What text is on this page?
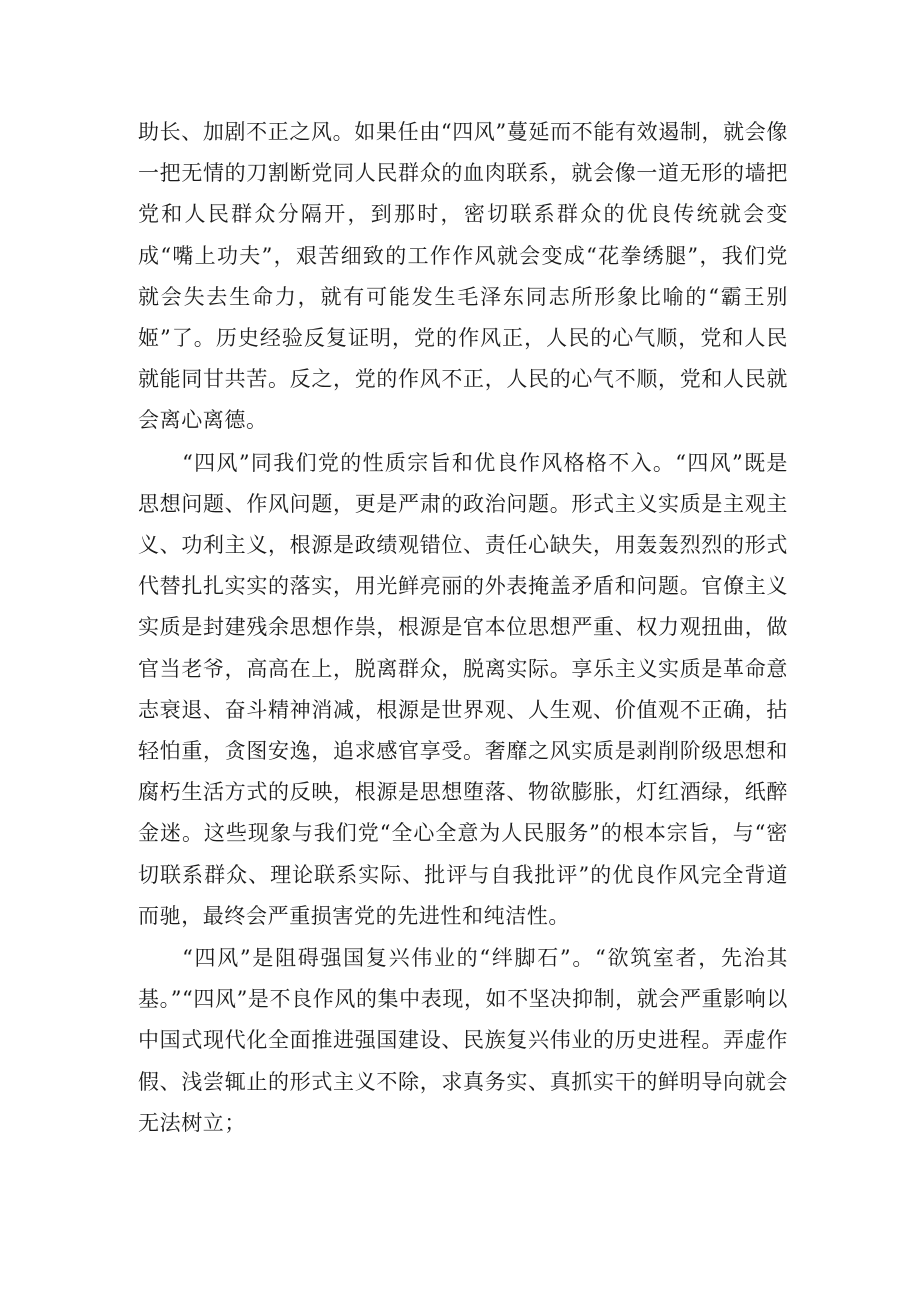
助长、加剧不正之风。如果任由“四风”蔓延而不能有效遏制，就会像一把无情的刀割断党同人民群众的血肉联系，就会像一道无形的墙把党和人民群众分隔开，到那时，密切联系群众的优良传统就会变成“嘴上功夫”，艰苦细致的工作作风就会变成“花拳绣腿”，我们党就会失去生命力，就有可能发生毛泽东同志所形象比喻的“霸王别姬”了。历史经验反复证明，党的作风正，人民的心气顺，党和人民就能同甘共苦。反之，党的作风不正，人民的心气不顺，党和人民就会离心离德。

“四风”同我们党的性质宗旨和优良作风格格不入。“四风”既是思想问题、作风问题，更是严肃的政治问题。形式主义实质是主观主义、功利主义，根源是政绩观错位、责任心缺失，用轰轰烈烈的形式代替扎扎实实的落实，用光鲜亮丽的外表掩盖矛盾和问题。官僚主义实质是封建残余思想作祟，根源是官本位思想严重、权力观扭曲，做官当老爷，高高在上，脱离群众，脱离实际。享乐主义实质是革命意志衰退、奋斗精神消减，根源是世界观、人生观、价值观不正确，拈轻怕重，贪图安逸，追求感官享受。奢靡之风实质是剥削阶级思想和腐朽生活方式的反映，根源是思想堕落、物欲膨胀，灯红酒绿，纸醉金迷。这些现象与我们党“全心全意为人民服务”的根本宗旨，与“密切联系群众、理论联系实际、批评与自我批评”的优良作风完全背道而驰，最终会严重损害党的先进性和纯洁性。

“四风”是阻碍强国复兴伟业的“绊脚石”。“欲筑室者，先治其基。”“四风”是不良作风的集中表现，如不坚决抑制，就会严重影响以中国式现代化全面推进强国建设、民族复兴伟业的历史进程。弄虚作假、浅尝辄止的形式主义不除，求真务实、真抓实干的鲜明导向就会无法树立；
